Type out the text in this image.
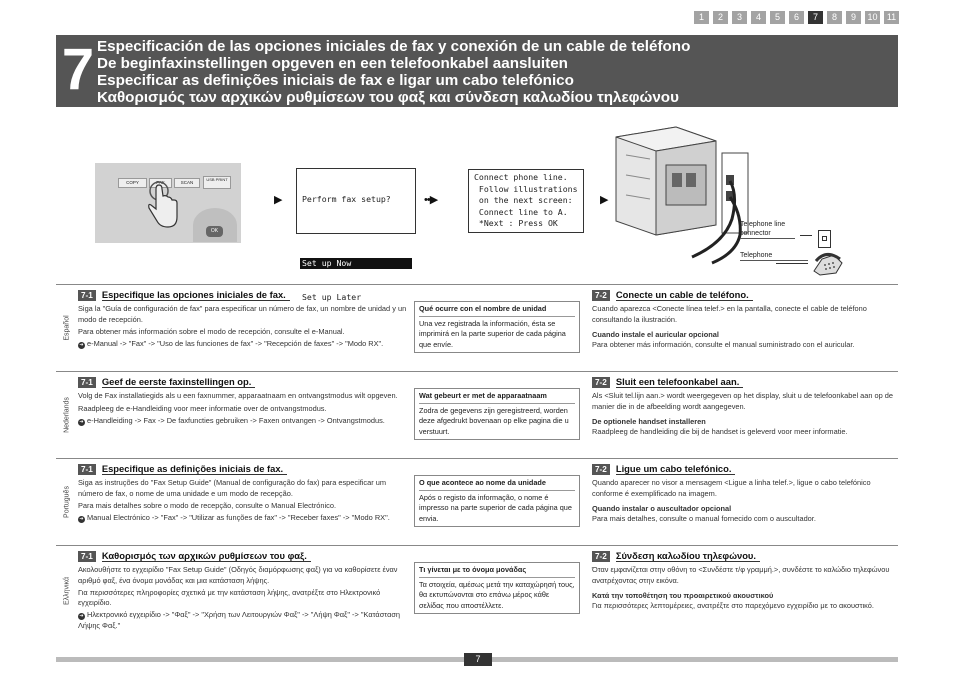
1	2	3	4	5	6	7	8	9	10	11
7 Especificación de las opciones iniciales de fax y conexión de un cable de teléfono
De beginfaxinstellingen opgeven en een telefoonkabel aansluiten
Especificar as definições iniciais de fax e ligar um cabo telefónico
Καθορισμός των αρχικών ρυθμίσεων του φαξ και σύνδεση καλωδίου τηλεφώνου
COPY	FAX	SCAN
USB PRINT
OK
▶

Perform fax setup?

Set up Now

Set up Later

••▶
Connect phone line.
Follow illustrations
on the next screen:
Connect line to A.
*Next : Press OK
▶
Telephone line
connector
Telephone
Español
7-1 Especifique las opciones iniciales de fax.

Siga la "Guía de configuración de fax" para especificar un número de fax, un nombre de unidad y un modo de recepción.

Para obtener más información sobre el modo de recepción, consulte el e-Manual.

➜ e-Manual -> "Fax" -> "Uso de las funciones de fax" -> "Recepción de faxes" -> "Modo RX".

Qué ocurre con el nombre de unidad
Una vez registrada la información, ésta se imprimirá en la parte superior de cada página que envíe.
7-2 Conecte un cable de teléfono.

Cuando aparezca <Conecte línea telef.> en la pantalla, conecte el cable de teléfono consultando la ilustración.

Cuando instale el auricular opcional

Para obtener más información, consulte el manual suministrado con el auricular.

Nederlands
7-1 Geef de eerste faxinstellingen op.

Volg de Fax installatiegids als u een faxnummer, apparaatnaam en ontvangstmodus wilt opgeven.

Raadpleeg de e-Handleiding voor meer informatie over de ontvangstmodus.

➜ e-Handleiding -> Fax -> De faxfuncties gebruiken -> Faxen ontvangen -> Ontvangstmodus.

Wat gebeurt er met de apparaatnaam
Zodra de gegevens zijn geregistreerd, worden deze afgedrukt bovenaan op elke pagina die u verstuurt.
7-2 Sluit een telefoonkabel aan.

Als <Sluit tel.lijn aan.> wordt weergegeven op het display, sluit u de telefoonkabel aan op de manier die in de afbeelding wordt aangegeven.

De optionele handset installeren

Raadpleeg de handleiding die bij de handset is geleverd voor meer informatie.

Português
7-1 Especifique as definições iniciais de fax.

Siga as instruções do "Fax Setup Guide" (Manual de configuração do fax) para especificar um número de fax, o nome de uma unidade e um modo de recepção.

Para mais detalhes sobre o modo de recepção, consulte o Manual Electrónico.

➜ Manual Electrónico -> "Fax" -> "Utilizar as funções de fax" -> "Receber faxes" -> "Modo RX".

O que acontece ao nome da unidade
Após o registo da informação, o nome é impresso na parte superior de cada página que envia.
7-2 Ligue um cabo telefónico.

Quando aparecer no visor a mensagem <Ligue a linha telef.>, ligue o cabo telefónico conforme é exemplificado na imagem.

Quando instalar o auscultador opcional

Para mais detalhes, consulte o manual fornecido com o auscultador.

Ελληνικά
7-1 Καθορισμός των αρχικών ρυθμίσεων του φαξ.

Ακολουθήστε το εγχειρίδιο "Fax Setup Guide" (Οδηγός διαμόρφωσης φαξ) για να καθορίσετε έναν αριθμό φαξ, ένα όνομα μονάδας και μια κατάσταση λήψης.

Για περισσότερες πληροφορίες σχετικά με την κατάσταση λήψης, ανατρέξτε στο Ηλεκτρονικό εγχειρίδιο.

➜ Ηλεκτρονικό εγχειρίδιο -> "Φαξ" -> "Χρήση των Λειτουργιών Φαξ" -> "Λήψη Φαξ" -> "Κατάσταση Λήψης Φαξ."

Τι γίνεται με το όνομα μονάδας
Τα στοιχεία, αμέσως μετά την καταχώρησή τους, θα εκτυπώνονται στο επάνω μέρος κάθε σελίδας που αποστέλλετε.
7-2 Σύνδεση καλωδίου τηλεφώνου.

Όταν εμφανίζεται στην οθόνη το <Συνδέστε τ/φ γραμμή.>, συνδέστε το καλώδιο τηλεφώνου ανατρέχοντας στην εικόνα.

Κατά την τοποθέτηση του προαιρετικού ακουστικού

Για περισσότερες λεπτομέρειες, ανατρέξτε στο παρεχόμενο εγχειρίδιο με το ακουστικό.

7
